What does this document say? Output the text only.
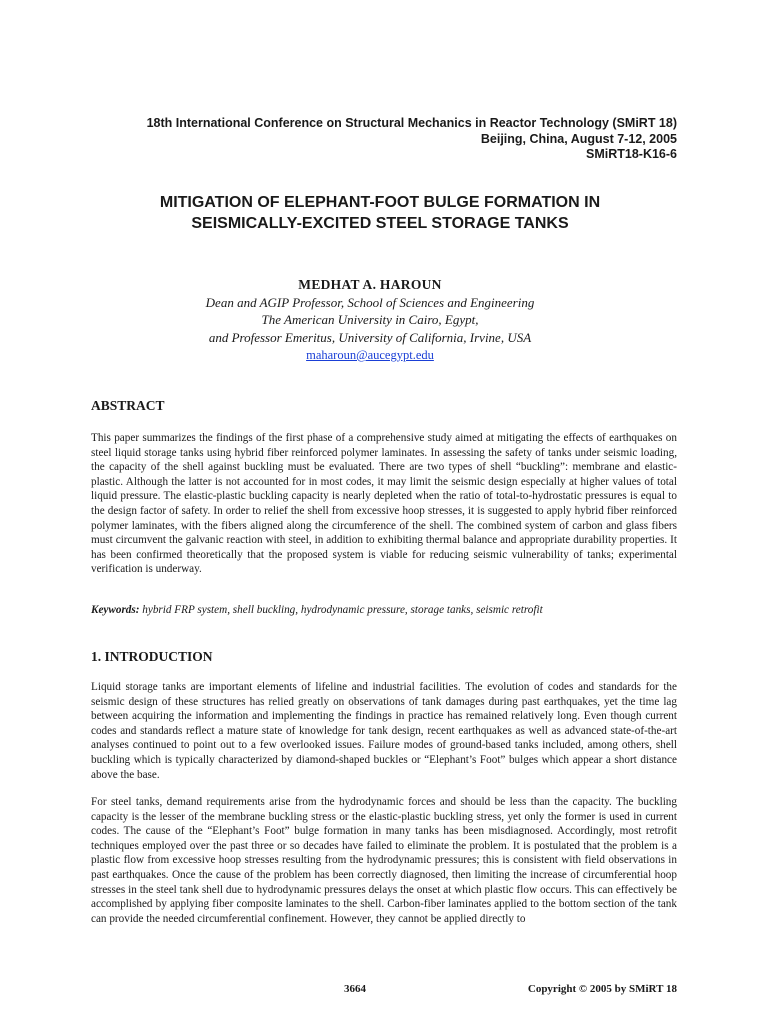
18th International Conference on Structural Mechanics in Reactor Technology (SMiRT 18)
Beijing, China, August 7-12, 2005
SMiRT18-K16-6
MITIGATION OF ELEPHANT-FOOT BULGE FORMATION IN
SEISMICALLY-EXCITED STEEL STORAGE TANKS
MEDHAT A. HAROUN
Dean and AGIP Professor, School of Sciences and Engineering
The American University in Cairo, Egypt,
and Professor Emeritus, University of California, Irvine, USA
maharoun@aucegypt.edu
ABSTRACT
This paper summarizes the findings of the first phase of a comprehensive study aimed at mitigating the effects of earthquakes on steel liquid storage tanks using hybrid fiber reinforced polymer laminates. In assessing the safety of tanks under seismic loading, the capacity of the shell against buckling must be evaluated. There are two types of shell “buckling”: membrane and elastic-plastic. Although the latter is not accounted for in most codes, it may limit the seismic design especially at higher values of total liquid pressure. The elastic-plastic buckling capacity is nearly depleted when the ratio of total-to-hydrostatic pressures is equal to the design factor of safety. In order to relief the shell from excessive hoop stresses, it is suggested to apply hybrid fiber reinforced polymer laminates, with the fibers aligned along the circumference of the shell. The combined system of carbon and glass fibers must circumvent the galvanic reaction with steel, in addition to exhibiting thermal balance and appropriate durability properties. It has been confirmed theoretically that the proposed system is viable for reducing seismic vulnerability of tanks; experimental verification is underway.
Keywords: hybrid FRP system, shell buckling, hydrodynamic pressure, storage tanks, seismic retrofit
1. INTRODUCTION
Liquid storage tanks are important elements of lifeline and industrial facilities. The evolution of codes and standards for the seismic design of these structures has relied greatly on observations of tank damages during past earthquakes, yet the time lag between acquiring the information and implementing the findings in practice has remained relatively long. Even though current codes and standards reflect a mature state of knowledge for tank design, recent earthquakes as well as advanced state-of-the-art analyses continued to point out to a few overlooked issues. Failure modes of ground-based tanks included, among others, shell buckling which is typically characterized by diamond-shaped buckles or “Elephant’s Foot” bulges which appear a short distance above the base.
For steel tanks, demand requirements arise from the hydrodynamic forces and should be less than the capacity. The buckling capacity is the lesser of the membrane buckling stress or the elastic-plastic buckling stress, yet only the former is used in current codes. The cause of the “Elephant’s Foot” bulge formation in many tanks has been misdiagnosed. Accordingly, most retrofit techniques employed over the past three or so decades have failed to eliminate the problem. It is postulated that the problem is a plastic flow from excessive hoop stresses resulting from the hydrodynamic pressures; this is consistent with field observations in past earthquakes. Once the cause of the problem has been correctly diagnosed, then limiting the increase of circumferential hoop stresses in the steel tank shell due to hydrodynamic pressures delays the onset at which plastic flow occurs. This can effectively be accomplished by applying fiber composite laminates to the shell. Carbon-fiber laminates applied to the bottom section of the tank can provide the needed circumferential confinement. However, they cannot be applied directly to
3664	Copyright © 2005 by SMiRT 18
